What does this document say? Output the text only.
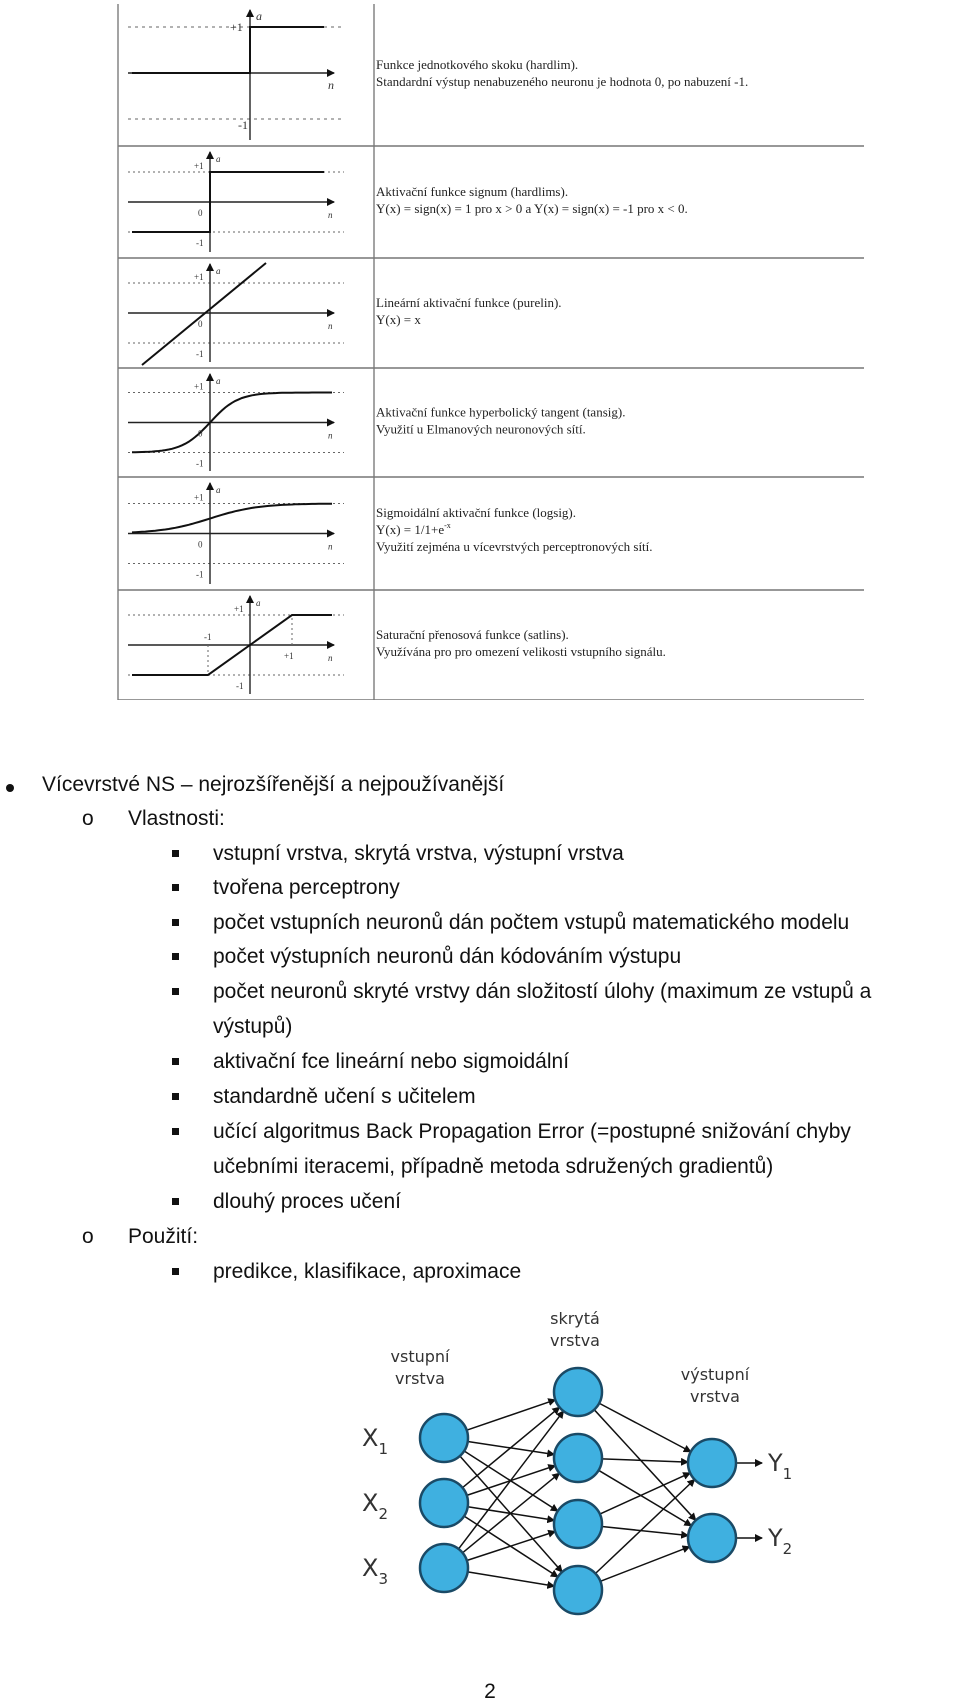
a
n
+1
-1
Funkce jednotkového skoku (hardlim).
Standardní výstup nenabuzeného neuronu je hodnota 0, po nabuzení -1.
a
n
+1
-1
0
Aktivační funkce signum (hardlims).
Y(x) = sign(x) = 1 pro x > 0 a Y(x) = sign(x) = -1 pro x < 0.
a
n
+1
-1
0
Lineární aktivační funkce (purelin).
Y(x) = x
a
n
+1
-1
0
Aktivační funkce hyperbolický tangent (tansig).
Využití u Elmanových neuronových sítí.
a
n
+1
-1
0
Sigmoidální aktivační funkce (logsig).
$Y(x) = 1/1+e^{-x}$
Využití zejména u vícevrstvých perceptronových sítí.
a
n
+1
-1
-1
+1
Saturační přenosová funkce (satlins).
Využívána pro pro omezení velikosti vstupního signálu.
Vícevrstvé NS – nejrozšířenější a nejpoužívanější
o Vlastnosti:
vstupní vrstva, skrytá vrstva, výstupní vrstva
tvořena perceptrony
počet vstupních neuronů dán počtem vstupů matematického modelu
počet výstupních neuronů dán kódováním výstupu
počet neuronů skryté vrstvy dán složitostí úlohy (maximum ze vstupů a
výstupů)
aktivační fce lineární nebo sigmoidální
standardně učení s učitelem
učící algoritmus Back Propagation Error (=postupné snižování chyby
učebními iteracemi, případně metoda sdružených gradientů)
dlouhý proces učení
o Použití:
predikce, klasifikace, aproximace
vstupní
vrstva
skrytá
vrstva
výstupní
vrstva
$X_1$
$X_2$
$X_3$
$Y_1$
$Y_2$
2
